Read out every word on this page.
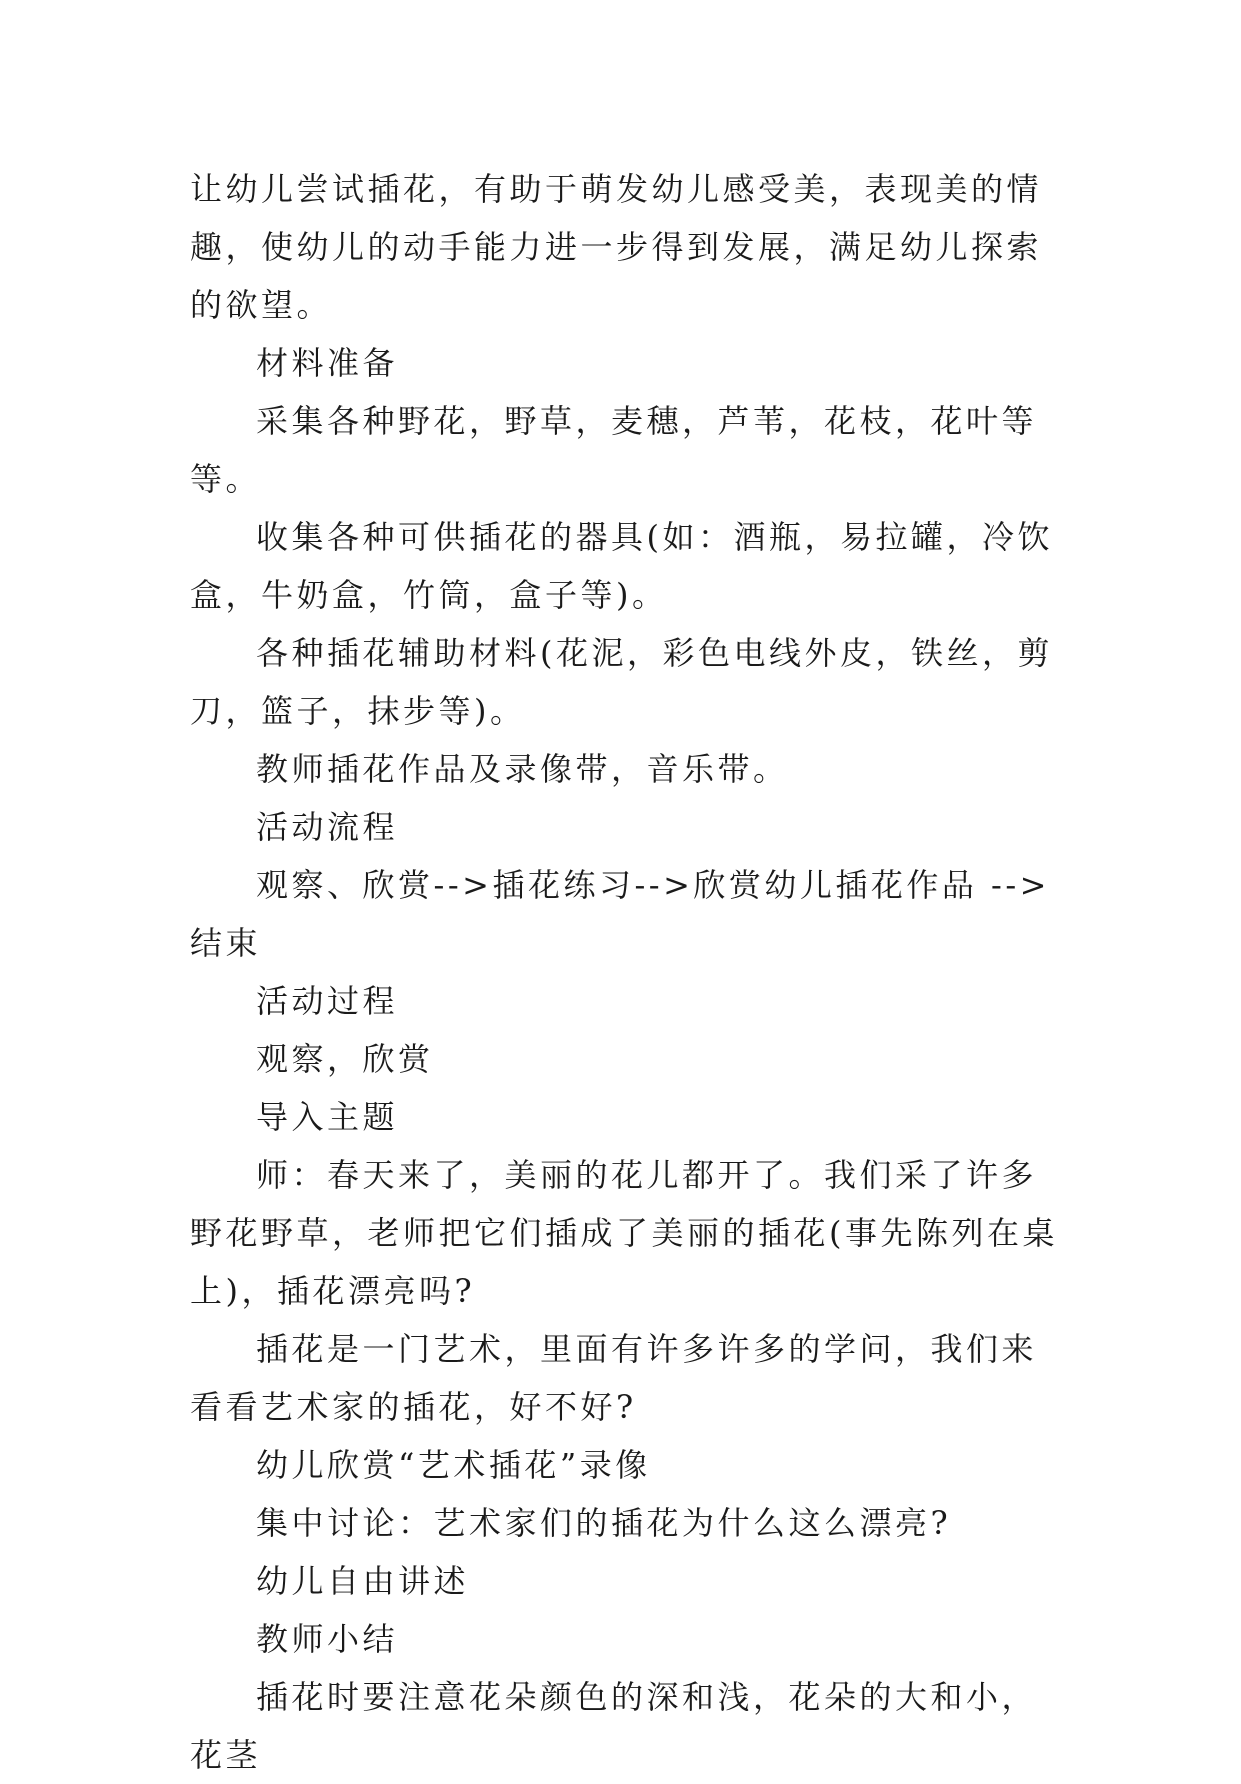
让幼儿尝试插花，有助于萌发幼儿感受美，表现美的情趣，使幼儿的动手能力进一步得到发展，满足幼儿探索的欲望。

材料准备

采集各种野花，野草，麦穗，芦苇，花枝，花叶等等。

收集各种可供插花的器具(如：酒瓶，易拉罐，冷饮盒，牛奶盒，竹筒，盒子等)。

各种插花辅助材料(花泥，彩色电线外皮，铁丝，剪刀，篮子，抹步等)。

教师插花作品及录像带，音乐带。

活动流程

观察、欣赏-->插花练习-->欣赏幼儿插花作品 -->结束

活动过程

观察，欣赏

导入主题

师：春天来了，美丽的花儿都开了。我们采了许多野花野草，老师把它们插成了美丽的插花(事先陈列在桌上)，插花漂亮吗?

插花是一门艺术，里面有许多许多的学问，我们来看看艺术家的插花，好不好?

幼儿欣赏“艺术插花”录像

集中讨论：艺术家们的插花为什么这么漂亮?

幼儿自由讲述

教师小结

插花时要注意花朵颜色的深和浅，花朵的大和小，花茎
